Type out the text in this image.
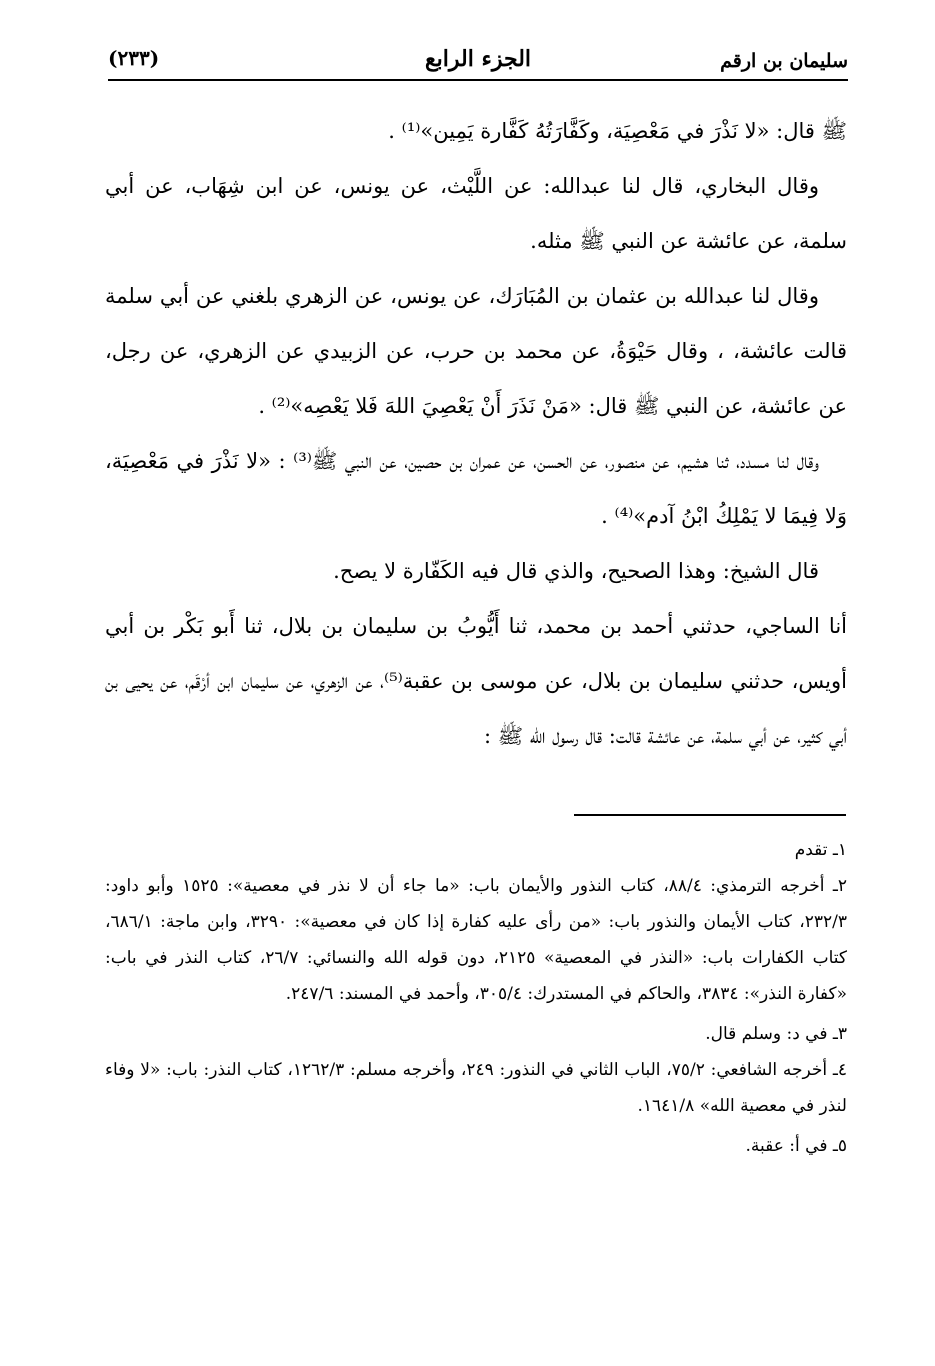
سليمان بن ارقم
الجزء الرابع
(٢٣٣)

ﷺ قال: «لا نَذْرَ في مَعْصِيَة، وكَفَّارَتُهُ كَفَّارة يَمِين»⁽¹⁾ .

وقال البخاري، قال لنا عبدالله: عن اللَّيْث، عن يونس، عن ابن شِهَاب، عن أبي سلمة، عن عائشة عن النبي ﷺ مثله.

وقال لنا عبدالله بن عثمان بن المُبَارَك، عن يونس، عن الزهري بلغني عن أبي سلمة قالت عائشة، ، وقال حَيْوَةُ، عن محمد بن حرب، عن الزبيدي عن الزهري، عن رجل، عن عائشة، عن النبي ﷺ قال: «مَنْ نَذَرَ أَنْ يَعْصِيَ اللهَ فَلا يَعْصِه»⁽²⁾ .

وقال لنا مسدد، ثنا هشيم، عن منصور، عن الحسن، عن عمران بن حصين، عن النبي ﷺ⁽³⁾ : «لا نَذْرَ في مَعْصِيَة، وَلا فِيمَا لا يَمْلِكُ ابْنُ آدم»⁽⁴⁾ .

قال الشيخ: وهذا الصحيح، والذي قال فيه الكَفّارة لا يصح.

أنا الساجي، حدثني أحمد بن محمد، ثنا أَيُّوبُ بن سليمان بن بلال، ثنا أَبو بَكْر بن أبي أويس، حدثني سليمان بن بلال، عن موسى بن عقبة⁽⁵⁾، عن الزهري، عن سليمان ابن أرْقَم، عن يحيى بن أبي كثير، عن أبي سلمة، عن عائشة قالت: قال رسول الله ﷺ :

١ـ تقدم

٢ـ أخرجه الترمذي: ٨٨/٤، كتاب النذور والأيمان باب: «ما جاء أن لا نذر في معصية»: ١٥٢٥ وأبو داود: ٢٣٢/٣، كتاب الأيمان والنذور باب: «من رأى عليه كفارة إذا كان في معصية»: ٣٢٩٠، وابن ماجة: ٦٨٦/١، كتاب الكفارات باب: «النذر في المعصية» ٢١٢٥، دون قوله الله والنسائي: ٢٦/٧، كتاب النذر في باب: «كفارة النذر»: ٣٨٣٤، والحاكم في المستدرك: ٣٠٥/٤، وأحمد في المسند: ٢٤٧/٦.

٣ـ في د: وسلم قال.

٤ـ أخرجه الشافعي: ٧٥/٢، الباب الثاني في النذور: ٢٤٩، وأخرجه مسلم: ١٢٦٢/٣، كتاب النذر: باب: «لا وفاء لنذر في معصية الله» ١٦٤١/٨.

٥ـ في أ: عقبة.
